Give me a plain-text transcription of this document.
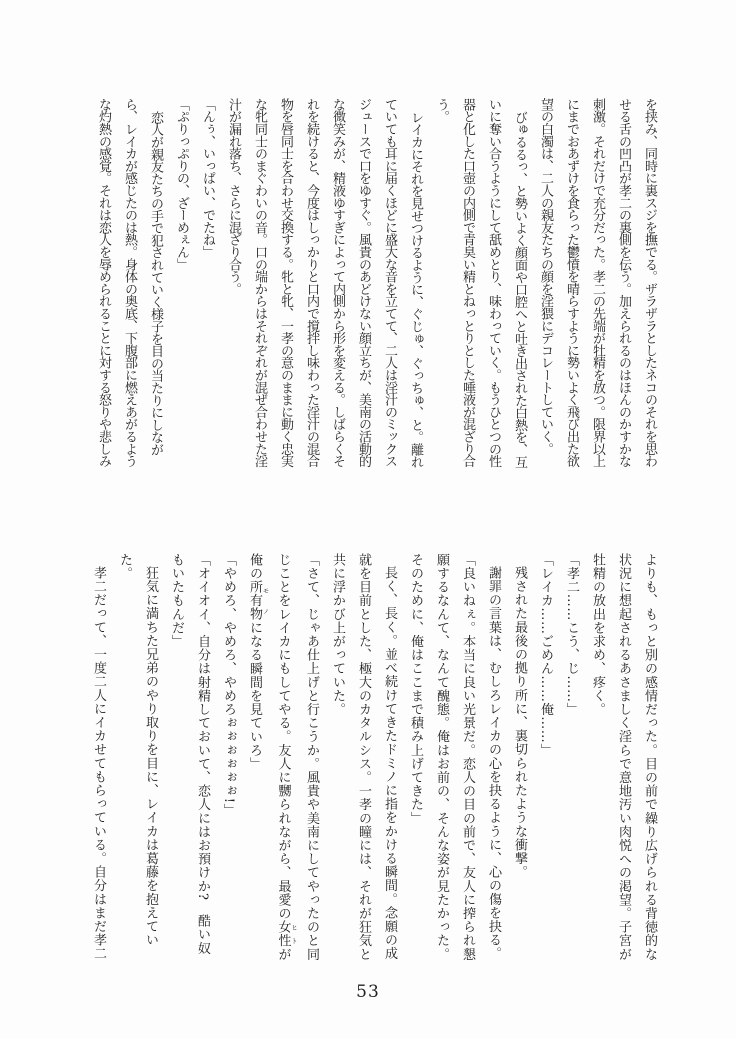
を挟み、同時に裏スジを撫でる。ザラザラとしたネコのそれを思わ
せる舌の凹凸が孝二の裏側を伝う。加えられるのはほんのかすかな
刺激。それだけで充分だった。孝二の先端が牡精を放つ。限界以上
にまでおあずけを食らった鬱憤を晴らすように勢いよく飛び出た欲
望の白濁は、二人の親友たちの顔を淫猥にデコレートしていく。
びゅるるっ、と勢いよく顔面や口腔へと吐き出された白熱を、互
いに奪い合うようにして舐めとり、味わっていく。もうひとつの性
器と化した口壺の内側で青臭い精とねっとりとした唾液が混ざり合
う。
レイカにそれを見せつけるように、ぐじゅ、ぐっちゅ、と。離れ
ていても耳に届くほどに盛大な音を立てて、二人は淫汁のミックス
ジュースで口をゆすぐ。風貴のあどけない顔立ちが、美南の活動的
な微笑みが、精液ゆすぎによって内側から形を変える。しばらくそ
れを続けると、今度はしっかりと口内で撹拌し味わった淫汁の混合
物を唇同士を合わせ交換する。牝と牝、一孝の意のままに動く忠実
な牝同士のまぐわいの音。口の端からはそれぞれが混ぜ合わせた淫
汁が漏れ落ち、さらに混ざり合う。
「んぅ、いっぱい、でたね」
「ぷりっぷりの、ざーめぇん」
恋人が親友たちの手で犯されていく様子を目の当たりにしなが
ら、レイカが感じたのは熱。身体の奥底、下腹部に燃えあがるよう
な灼熱の感覚。それは恋人を辱められることに対する怒りや悲しみ
よりも、もっと別の感情だった。目の前で繰り広げられる背徳的な
状況に想起されるあさましく淫らで意地汚い肉悦への渇望。子宮が
牡精の放出を求め、疼く。
「孝二……こう、じ……」
「レイカ……ごめん……俺……」
残された最後の拠り所に、裏切られたような衝撃。
謝罪の言葉は、むしろレイカの心を抉るように、心の傷を抉る。
「良いねぇ。本当に良い光景だ。恋人の目の前で、友人に搾られ懇
願するなんて、なんて醜態。俺はお前の、そんな姿が見たかった。
そのために、俺はここまで積み上げてきた」
長く、長く。並べ続けてきたドミノに指をかける瞬間。念願の成
就を目前とした、極大のカタルシス。一孝の瞳には、それが狂気と
共に浮かび上がっていた。
「さて、じゃあ仕上げと行こうか。風貴や美南にしてやったのと同
じことをレイカにもしてやる。友人に嬲られながら、最愛の女性 ヒトが
俺の所有物 モノになる瞬間を見ていろ」
「やめろ、やめろ、やめろぉぉぉぉぉぉ!」
「オイオイ、自分は射精しておいて、恋人にはお預けか?　酷い奴
もいたもんだ」
狂気に満ちた兄弟のやり取りを目に、レイカは葛藤を抱えてい
た。
孝二だって、一度二人にイカせてもらっている。自分はまだ孝二
53
